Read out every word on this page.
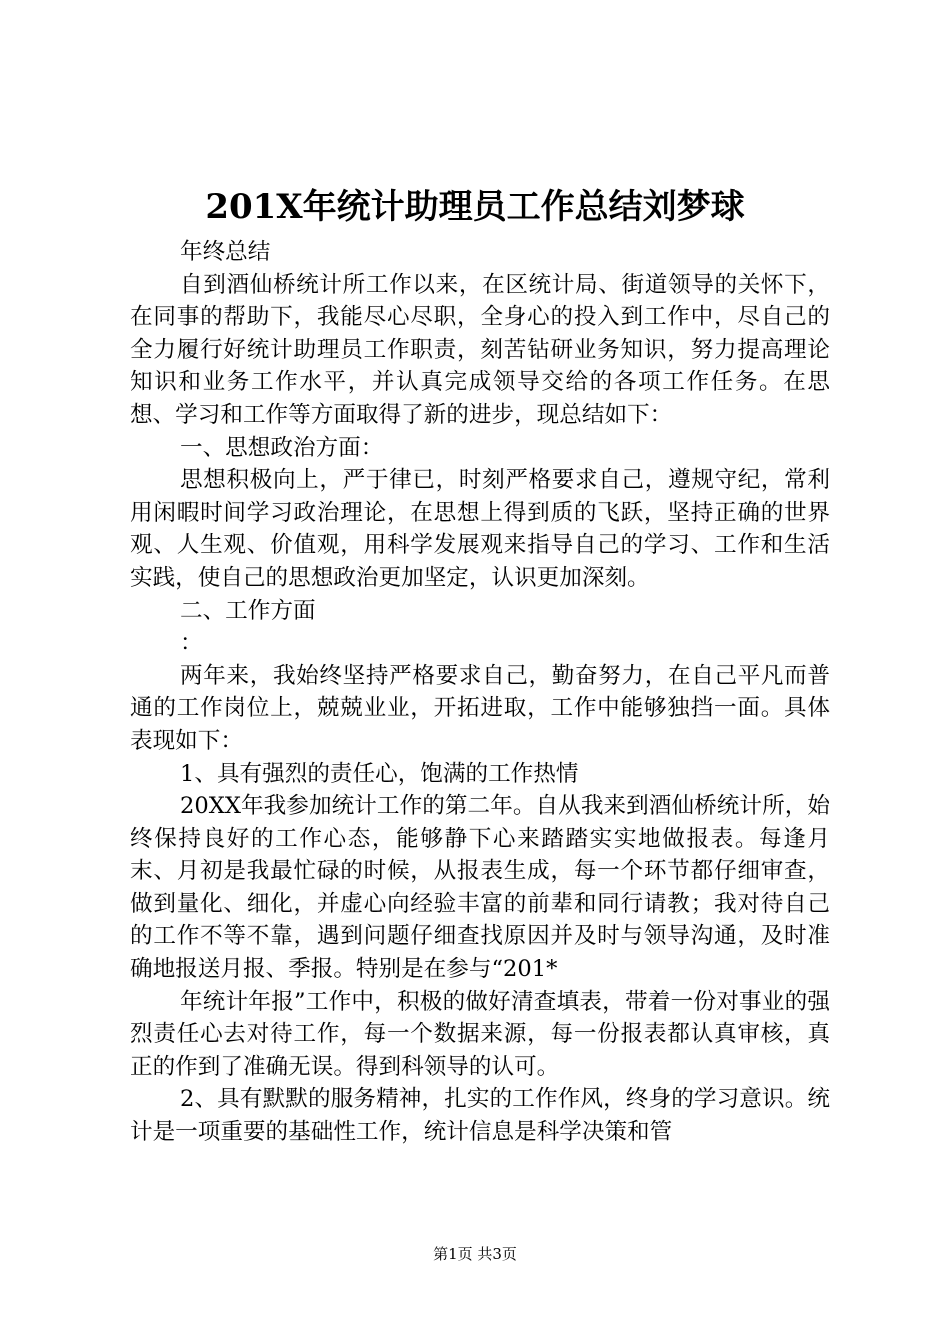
201X年统计助理员工作总结刘梦球

年终总结

自到酒仙桥统计所工作以来，在区统计局、街道领导的关怀下，在同事的帮助下，我能尽心尽职，全身心的投入到工作中，尽自己的全力履行好统计助理员工作职责，刻苦钻研业务知识，努力提高理论知识和业务工作水平，并认真完成领导交给的各项工作任务。在思想、学习和工作等方面取得了新的进步，现总结如下：

一、思想政治方面：

思想积极向上，严于律已，时刻严格要求自己，遵规守纪，常利用闲暇时间学习政治理论，在思想上得到质的飞跃，坚持正确的世界观、人生观、价值观，用科学发展观来指导自己的学习、工作和生活实践，使自己的思想政治更加坚定，认识更加深刻。

二、工作方面

：

两年来，我始终坚持严格要求自己，勤奋努力，在自己平凡而普通的工作岗位上，兢兢业业，开拓进取，工作中能够独挡一面。具体表现如下：

1、具有强烈的责任心，饱满的工作热情

20XX年我参加统计工作的第二年。自从我来到酒仙桥统计所，始终保持良好的工作心态，能够静下心来踏踏实实地做报表。每逢月末、月初是我最忙碌的时候，从报表生成，每一个环节都仔细审查，做到量化、细化，并虚心向经验丰富的前辈和同行请教；我对待自己的工作不等不靠，遇到问题仔细查找原因并及时与领导沟通，及时准确地报送月报、季报。特别是在参与“201*

年统计年报”工作中，积极的做好清查填表，带着一份对事业的强烈责任心去对待工作，每一个数据来源，每一份报表都认真审核，真正的作到了准确无误。得到科领导的认可。

2、具有默默的服务精神，扎实的工作作风，终身的学习意识。统计是一项重要的基础性工作，统计信息是科学决策和管

第1页 共3页
